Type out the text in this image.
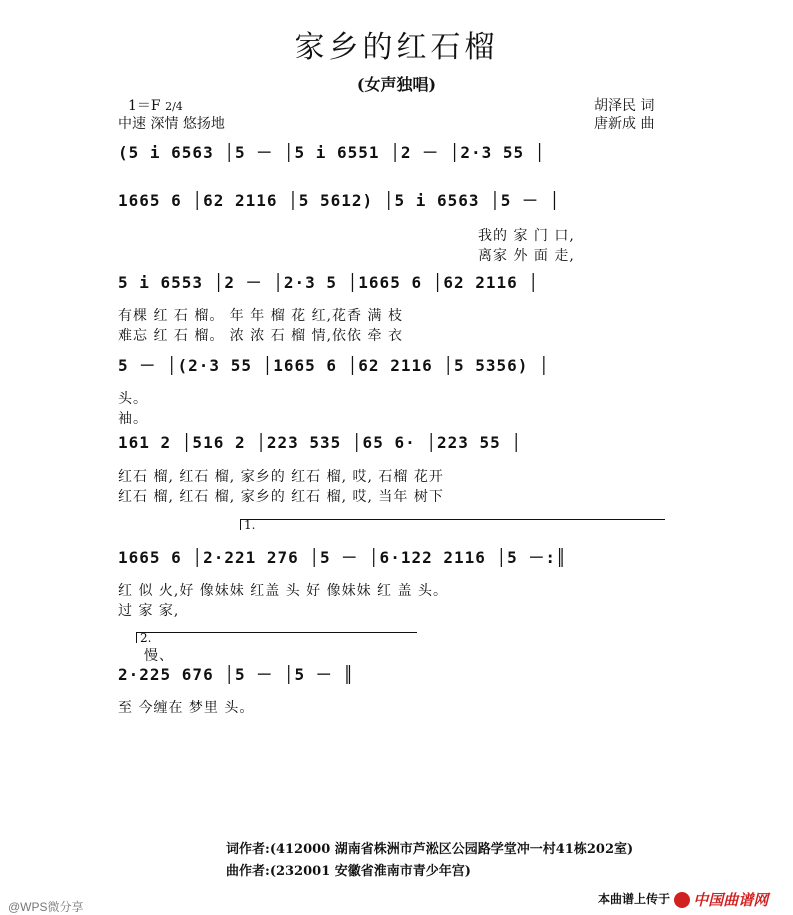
家乡的红石榴
(女声独唱)
1＝F 2/4
中速 深情 悠扬地
胡泽民 词
唐新成 曲
(5 i 6563 │5 － │5 i 6551 │2 － │2·3 55 │
1665 6 │62 2116 │5 5612) │5 i 6563 │5 － │
我的 家 门 口,
离家 外 面 走,
5 i 6553 │2 － │2·3 5 │1665 6 │62 2116 │
有棵 红 石 榴。 年 年 榴 花 红,花香 满 枝
难忘 红 石 榴。 浓 浓 石 榴 情,依依 牵 衣
5 － │(2·3 55 │1665 6 │62 2116 │5 5356) │
头。
袖。
161 2 │516 2 │223 535 │65 6· │223 55 │
红石 榴, 红石 榴, 家乡的 红石 榴, 哎, 石榴 花开
红石 榴, 红石 榴, 家乡的 红石 榴, 哎, 当年 树下
1.
1665 6 │2·221 276 │5 － │6·122 2116 │5 －:║
红 似 火,好 像妹妹 红盖 头 好 像妹妹 红 盖 头。
过 家 家,
2.
慢、
2·225 676 │5 － │5 － ║
至 今缠在 梦里 头。
词作者:(412000 湖南省株洲市芦淞区公园路学堂冲一村41栋202室)
曲作者:(232001 安徽省淮南市青少年宫)
@WPS微分享
本曲谱上传于 中国曲谱网
